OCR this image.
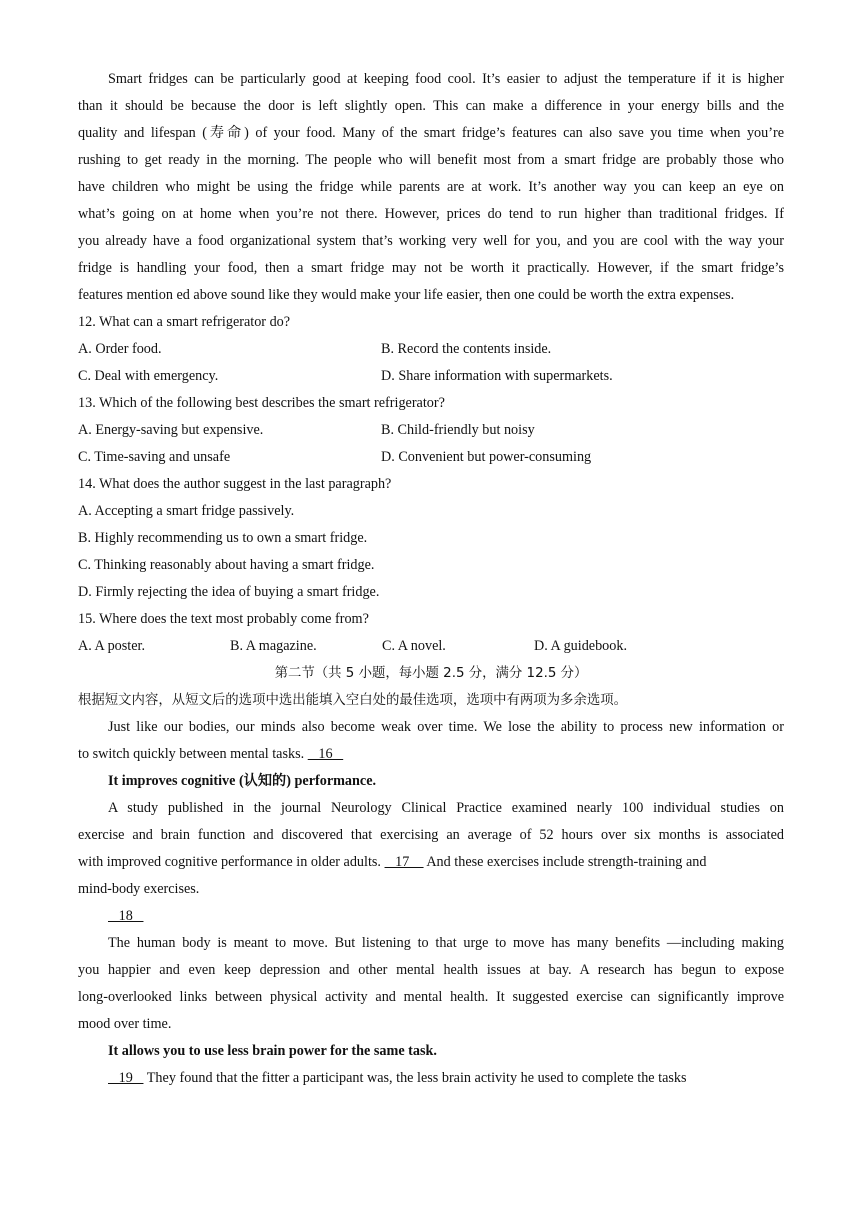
Smart fridges can be particularly good at keeping food cool. It’s easier to adjust the temperature if it is higher
than it should be because the door is left slightly open. This can make a difference in your energy bills and the
quality and lifespan (寿命) of your food. Many of the smart fridge’s features can also save you time when you’re
rushing to get ready in the morning. The people who will benefit most from a smart fridge are probably those who
have children who might be using the fridge while parents are at work. It’s another way you can keep an eye on
what’s going on at home when you’re not there. However, prices do tend to run higher than traditional fridges. If
you already have a food organizational system that’s working very well for you, and you are cool with the way your
fridge is handling your food, then a smart fridge may not be worth it practically. However, if the smart fridge’s
features mention ed above sound like they would make your life easier, then one could be worth the extra expenses.
12. What can a smart refrigerator do?
A. Order food.	B. Record the contents inside.
C. Deal with emergency.	D. Share information with supermarkets.
13. Which of the following best describes the smart refrigerator?
A. Energy-saving but expensive.	B. Child-friendly but noisy
C. Time-saving and unsafe	D. Convenient but power-consuming
14. What does the author suggest in the last paragraph?
A. Accepting a smart fridge passively.
B. Highly recommending us to own a smart fridge.
C. Thinking reasonably about having a smart fridge.
D. Firmly rejecting the idea of buying a smart fridge.
15. Where does the text most probably come from?
A. A poster.	B. A magazine.	C. A novel.	D. A guidebook.
第二节（共 5 小题，每小题 2.5 分，满分 12.5 分）
根据短文内容，从短文后的选项中选出能填入空白处的最佳选项，选项中有两项为多余选项。
Just like our bodies, our minds also become weak over time. We lose the ability to process new information or
to switch quickly between mental tasks.    16
It improves cognitive (认知的) performance.
A study published in the journal Neurology Clinical Practice examined nearly 100 individual studies on
exercise and brain function and discovered that exercising an average of 52 hours over six months is associated
with improved cognitive performance in older adults.    17     And these exercises include strength-training and
mind-body exercises.
18
The human body is meant to move. But listening to that urge to move has many benefits —including making
you happier and even keep depression and other mental health issues at bay. A research has begun to expose
long-overlooked links between physical activity and mental health. It suggested exercise can significantly improve
mood over time.
It allows you to use less brain power for the same task.
19    They found that the fitter a participant was, the less brain activity he used to complete the tasks
